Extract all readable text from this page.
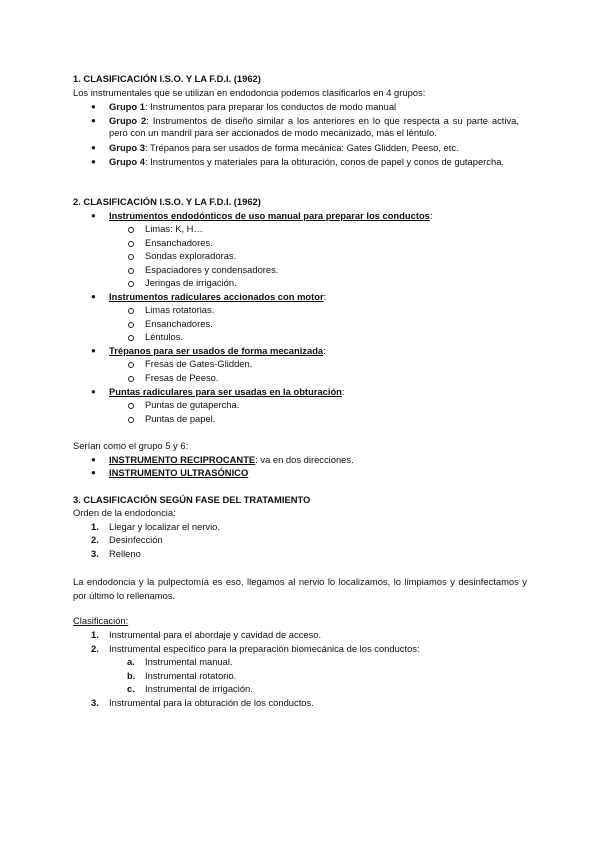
1. CLASIFICACIÓN I.S.O. Y LA F.D.I. (1962)
Los instrumentales que se utilizan en endodoncia podemos clasificarlos en 4 grupos:
● Grupo 1: Instrumentos para preparar los conductos de modo manual
● Grupo 2: Instrumentos de diseño similar a los anteriores en lo que respecta a su parte activa, pero con un mandril para ser accionados de modo mecanizado, más el léntulo.
● Grupo 3: Trépanos para ser usados de forma mecánica: Gates Glidden, Peeso, etc.
● Grupo 4: Instrumentos y materiales para la obturación, conos de papel y conos de gutapercha.
2. CLASIFICACIÓN I.S.O. Y LA F.D.I. (1962)
● Instrumentos endodónticos de uso manual para preparar los conductos:
Limas: K, H…
Ensanchadores.
Sondas exploradoras.
Espaciadores y condensadores.
Jeringas de irrigación.
● Instrumentos radiculares accionados con motor:
Limas rotatorias.
Ensanchadores.
Léntulos.
● Trépanos para ser usados de forma mecanizada:
Fresas de Gates-Glidden.
Fresas de Peeso.
● Puntas radiculares para ser usadas en la obturación:
Puntas de gutapercha.
Puntas de papel.
Serían como el grupo 5 y 6:
● INSTRUMENTO RECIPROCANTE: va en dos direcciones.
● INSTRUMENTO ULTRASÓNICO
3. CLASIFICACIÓN SEGÚN FASE DEL TRATAMIENTO
Orden de la endodoncia:
1. Llegar y localizar el nervio.
2. Desinfección
3. Relleno
La endodoncia y la pulpectomía es eso, llegamos al nervio lo localizamos, lo limpiamos y desinfectamos y por último lo rellenamos.
Clasificación:
1. Instrumental para el abordaje y cavidad de acceso.
2. Instrumental específico para la preparación biomecánica de los conductos:
a. Instrumental manual.
b. Instrumental rotatorio.
c. Instrumental de irrigación.
3. Instrumental para la obturación de los conductos.
